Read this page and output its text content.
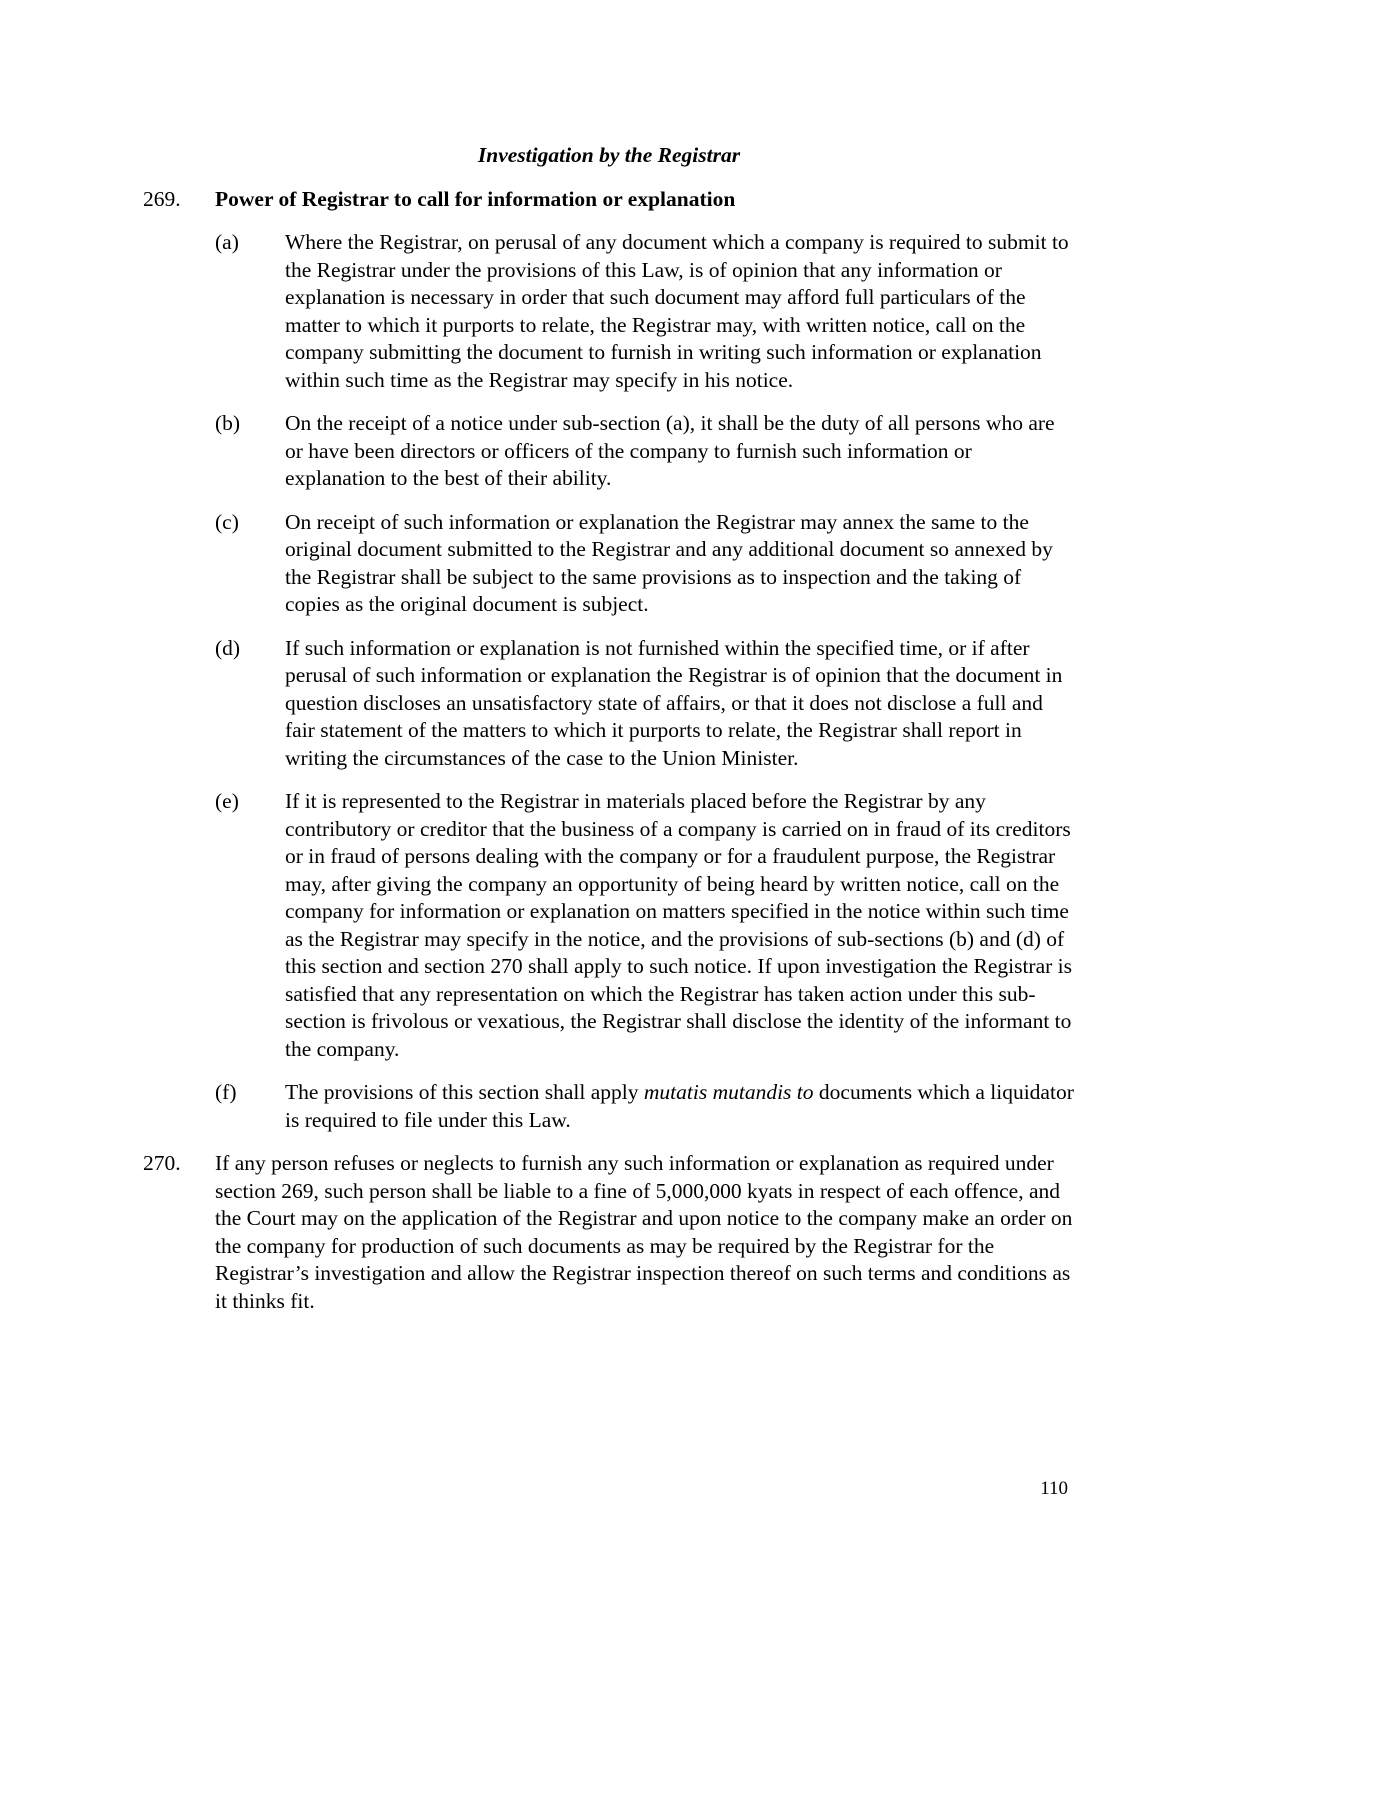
Investigation by the Registrar
269.	Power of Registrar to call for information or explanation
(a)	Where the Registrar, on perusal of any document which a company is required to submit to the Registrar under the provisions of this Law, is of opinion that any information or explanation is necessary in order that such document may afford full particulars of the matter to which it purports to relate, the Registrar may, with written notice, call on the company submitting the document to furnish in writing such information or explanation within such time as the Registrar may specify in his notice.
(b)	On the receipt of a notice under sub-section (a), it shall be the duty of all persons who are or have been directors or officers of the company to furnish such information or explanation to the best of their ability.
(c)	On receipt of such information or explanation the Registrar may annex the same to the original document submitted to the Registrar and any additional document so annexed by the Registrar shall be subject to the same provisions as to inspection and the taking of copies as the original document is subject.
(d)	If such information or explanation is not furnished within the specified time, or if after perusal of such information or explanation the Registrar is of opinion that the document in question discloses an unsatisfactory state of affairs, or that it does not disclose a full and fair statement of the matters to which it purports to relate, the Registrar shall report in writing the circumstances of the case to the Union Minister.
(e)	If it is represented to the Registrar in materials placed before the Registrar by any contributory or creditor that the business of a company is carried on in fraud of its creditors or in fraud of persons dealing with the company or for a fraudulent purpose, the Registrar may, after giving the company an opportunity of being heard by written notice, call on the company for information or explanation on matters specified in the notice within such time as the Registrar may specify in the notice, and the provisions of sub-sections (b) and (d) of this section and section 270 shall apply to such notice. If upon investigation the Registrar is satisfied that any representation on which the Registrar has taken action under this sub-section is frivolous or vexatious, the Registrar shall disclose the identity of the informant to the company.
(f)	The provisions of this section shall apply mutatis mutandis to documents which a liquidator is required to file under this Law.
270.	If any person refuses or neglects to furnish any such information or explanation as required under section 269, such person shall be liable to a fine of 5,000,000 kyats in respect of each offence, and the Court may on the application of the Registrar and upon notice to the company make an order on the company for production of such documents as may be required by the Registrar for the Registrar’s investigation and allow the Registrar inspection thereof on such terms and conditions as it thinks fit.
110
